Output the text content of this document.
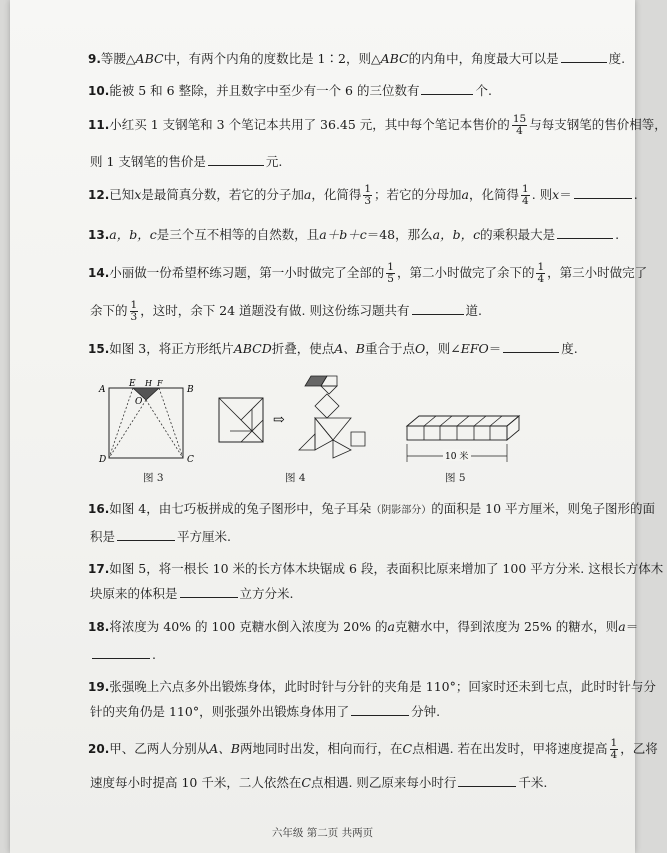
9.等腰△ABC中，有两个内角的度数比是 1∶2，则△ABC的内角中，角度最大可以是	度.
10.能被 5 和 6 整除，并且数字中至少有一个 6 的三位数有	个.
11.小红买 1 支钢笔和 3 个笔记本共用了 36.45 元，其中每个笔记本售价的 $\frac{15}{4}$ 与每支钢笔的售价相等，
则 1 支钢笔的售价是	元.
12.已知x是最简真分数，若它的分子加a，化简得 $\frac{1}{3}$ ；若它的分母加a，化简得 $\frac{1}{4}$ . 则x＝	.
13.a，b，c是三个互不相等的自然数，且a＋b＋c＝48，那么a，b，c的乘积最大是	.
14.小丽做一份希望杯练习题，第一小时做完了全部的 $\frac{1}{5}$ ，第二小时做完了余下的 $\frac{1}{4}$ ，第三小时做完了
余下的 $\frac{1}{3}$ ，这时，余下 24 道题没有做. 则这份练习题共有	道.
15.如图 3，将正方形纸片ABCD折叠，使点A、B重合于点O，则∠EFO＝	度.
A
E H F
B
O
D	C
图 3
⇨
图 4
10 米
图 5
16.如图 4，由七巧板拼成的兔子图形中，兔子耳朵（阴影部分）的面积是 10 平方厘米，则兔子图形的面
积是	平方厘米.
17.如图 5，将一根长 10 米的长方体木块锯成 6 段，表面积比原来增加了 100 平方分米. 这根长方体木
块原来的体积是	立方分米.
18.将浓度为 40% 的 100 克糖水倒入浓度为 20% 的a克糖水中，得到浓度为 25% 的糖水，则a＝
.
19.张强晚上六点多外出锻炼身体，此时时针与分针的夹角是 110°；回家时还未到七点，此时时针与分
针的夹角仍是 110°，则张强外出锻炼身体用了	分钟.
20.甲、乙两人分别从A、B两地同时出发，相向而行，在C点相遇. 若在出发时，甲将速度提高 $\frac{1}{4}$ ，乙将
速度每小时提高 10 千米，二人依然在C点相遇. 则乙原来每小时行	千米.
六年级 第二页 共两页
